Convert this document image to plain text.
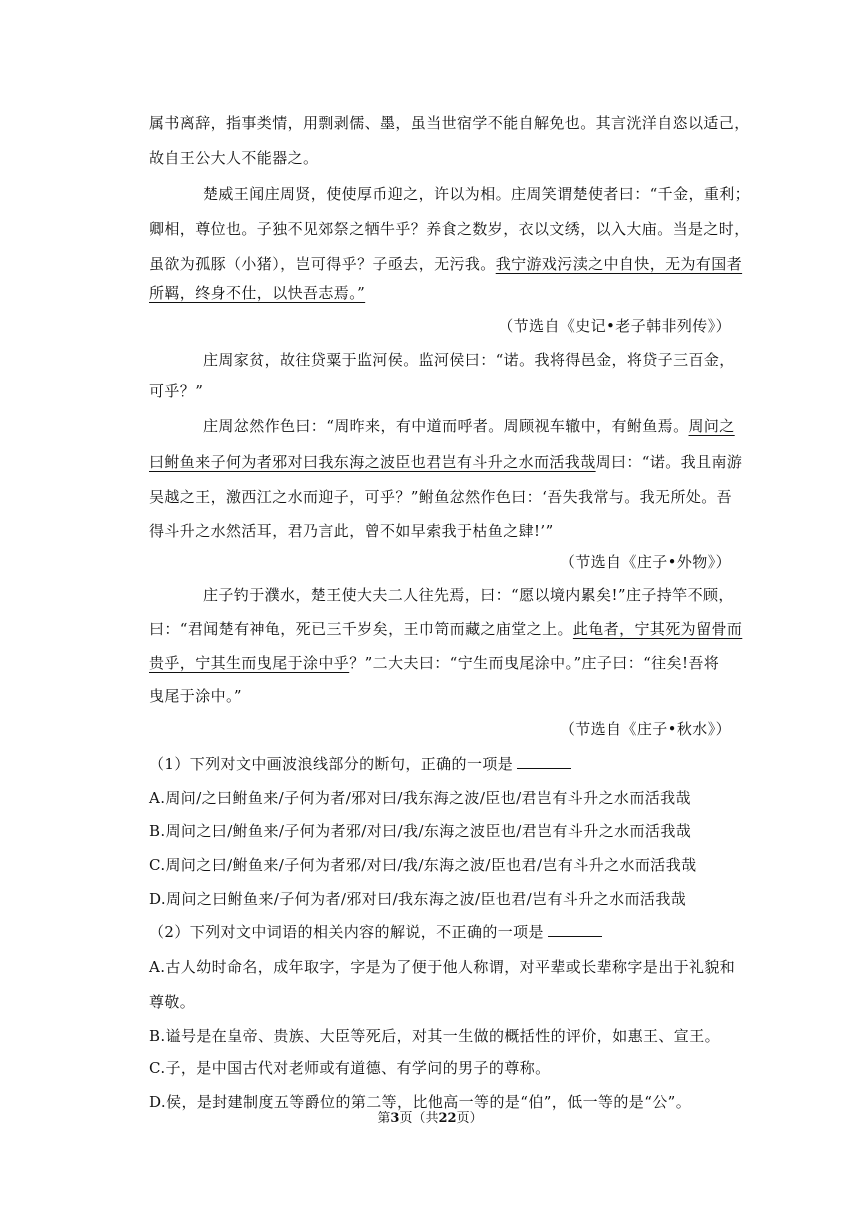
属书离辞，指事类情，用剽剥儒、墨，虽当世宿学不能自解免也。其言洸洋自恣以适己，
故自王公大人不能器之。
楚威王闻庄周贤，使使厚币迎之，许以为相。庄周笑谓楚使者曰：“千金，重利；
卿相，尊位也。子独不见郊祭之牺牛乎？养食之数岁，衣以文绣，以入大庙。当是之时，
虽欲为孤豚（小猪），岂可得乎？子亟去，无污我。我宁游戏污渎之中自快，无为有国者
所羁，终身不仕，以快吾志焉。”
（节选自《史记•老子韩非列传》）
庄周家贫，故往贷粟于监河侯。监河侯曰：“诺。我将得邑金，将贷子三百金，
可乎？”
庄周忿然作色曰：“周昨来，有中道而呼者。周顾视车辙中，有鲋鱼焉。周问之
曰鲋鱼来子何为者邪对曰我东海之波臣也君岂有斗升之水而活我哉周曰：“诺。我且南游
吴越之王，激西江之水而迎子，可乎？”鲋鱼忿然作色曰：‘吾失我常与。我无所处。吾
得斗升之水然活耳，君乃言此，曾不如早索我于枯鱼之肆!’”
（节选自《庄子•外物》）
庄子钓于濮水，楚王使大夫二人往先焉，曰：“愿以境内累矣!”庄子持竿不顾，
曰：“君闻楚有神龟，死已三千岁矣，王巾笥而藏之庙堂之上。此龟者，宁其死为留骨而
贵乎，宁其生而曳尾于涂中乎？”二大夫曰：“宁生而曳尾涂中。”庄子曰：“往矣!吾将
曳尾于涂中。”
（节选自《庄子•秋水》）
（1）下列对文中画波浪线部分的断句，正确的一项是
A.周问/之曰鲋鱼来/子何为者/邪对曰/我东海之波/臣也/君岂有斗升之水而活我哉
B.周问之曰/鲋鱼来/子何为者邪/对曰/我/东海之波臣也/君岂有斗升之水而活我哉
C.周问之曰/鲋鱼来/子何为者邪/对曰/我/东海之波/臣也君/岂有斗升之水而活我哉
D.周问之曰鲋鱼来/子何为者/邪对曰/我东海之波/臣也君/岂有斗升之水而活我哉
（2）下列对文中词语的相关内容的解说，不正确的一项是
A.古人幼时命名，成年取字，字是为了便于他人称谓，对平辈或长辈称字是出于礼貌和
尊敬。
B.谥号是在皇帝、贵族、大臣等死后，对其一生做的概括性的评价，如惠王、宣王。
C.子，是中国古代对老师或有道德、有学问的男子的尊称。
D.侯，是封建制度五等爵位的第二等，比他高一等的是“伯”，低一等的是“公”。
第3页（共22页）
